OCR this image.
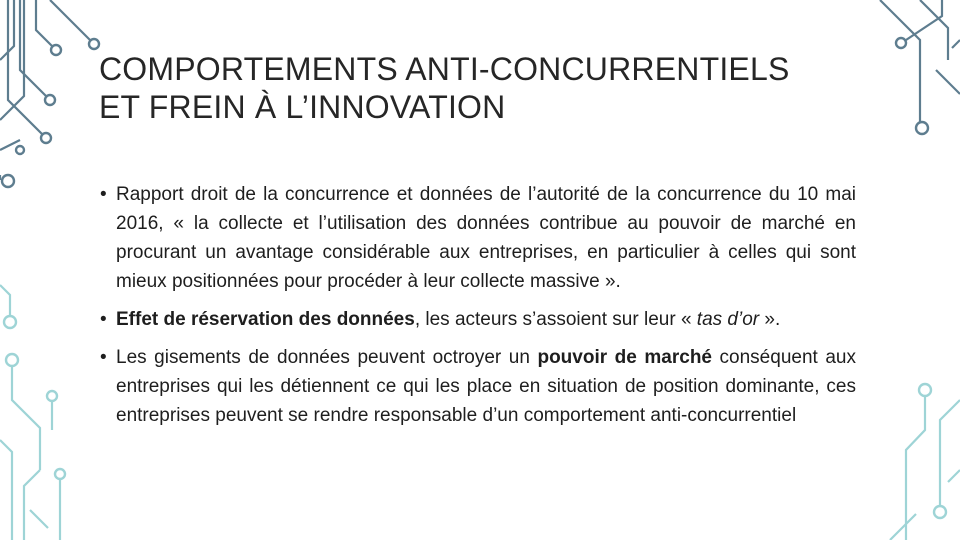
COMPORTEMENTS ANTI-CONCURRENTIELS ET FREIN À L’INNOVATION
• Rapport droit de la concurrence et données de l’autorité de la concurrence du 10 mai 2016, « la collecte et l’utilisation des données contribue au pouvoir de marché en procurant un avantage considérable aux entreprises, en particulier à celles qui sont mieux positionnées pour procéder à leur collecte massive ».
• Effet de réservation des données, les acteurs s’assoient sur leur « tas d’or ».
• Les gisements de données peuvent octroyer un pouvoir de marché conséquent aux entreprises qui les détiennent ce qui les place en situation de position dominante, ces entreprises peuvent se rendre responsable d’un comportement anti-concurrentiel
